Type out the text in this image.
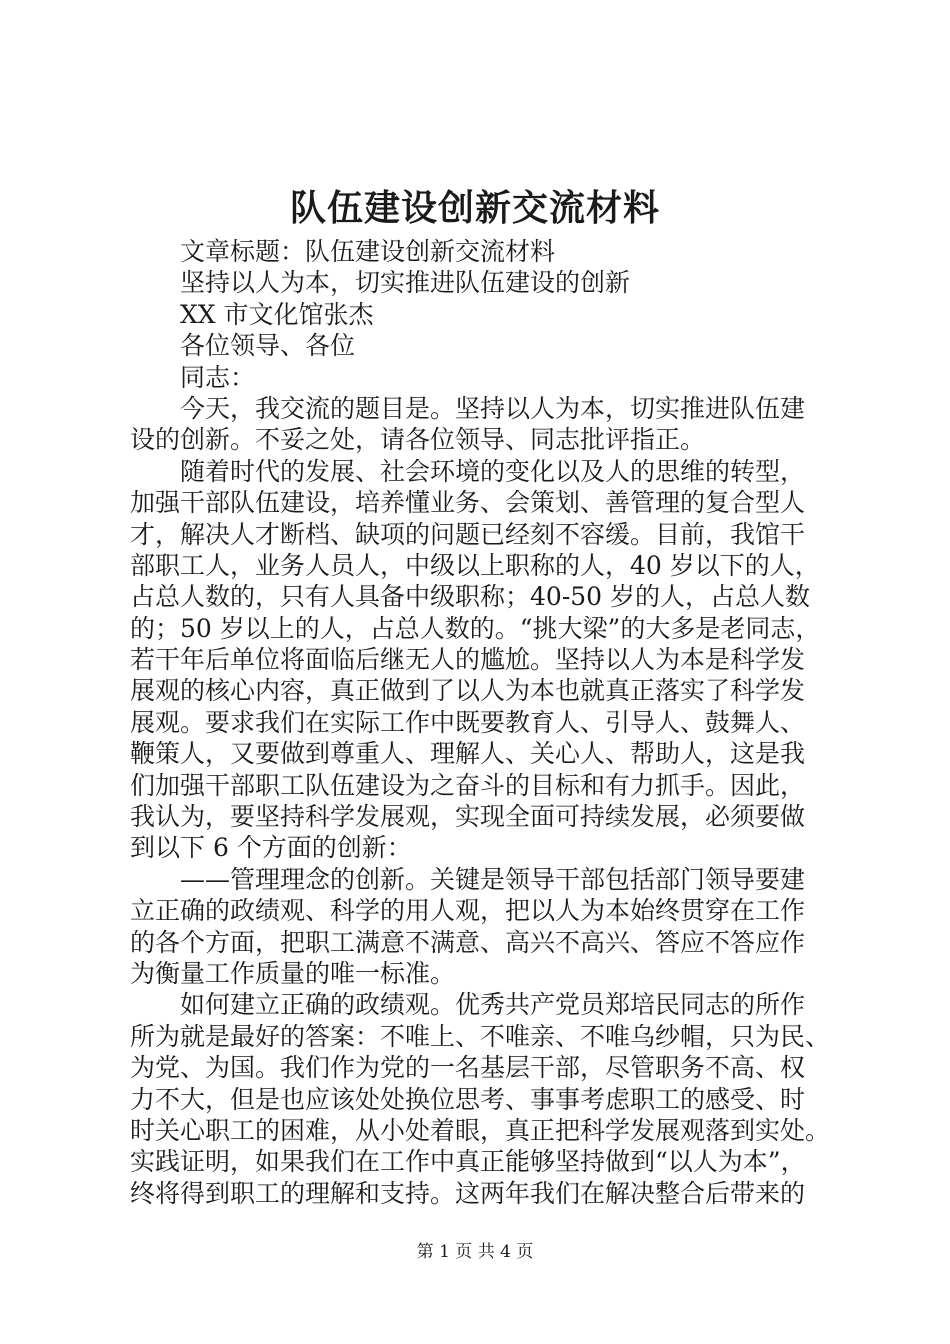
队伍建设创新交流材料
文章标题：队伍建设创新交流材料
坚持以人为本，切实推进队伍建设的创新
XX 市文化馆张杰
各位领导、各位
同志：
今天，我交流的题目是。坚持以人为本，切实推进队伍建
设的创新。不妥之处，请各位领导、同志批评指正。
随着时代的发展、社会环境的变化以及人的思维的转型，
加强干部队伍建设，培养懂业务、会策划、善管理的复合型人
才，解决人才断档、缺项的问题已经刻不容缓。目前，我馆干
部职工人，业务人员人，中级以上职称的人，40 岁以下的人，
占总人数的，只有人具备中级职称；40-50 岁的人，占总人数
的；50 岁以上的人，占总人数的。“挑大梁”的大多是老同志，
若干年后单位将面临后继无人的尴尬。坚持以人为本是科学发
展观的核心内容，真正做到了以人为本也就真正落实了科学发
展观。要求我们在实际工作中既要教育人、引导人、鼓舞人、
鞭策人，又要做到尊重人、理解人、关心人、帮助人，这是我
们加强干部职工队伍建设为之奋斗的目标和有力抓手。因此，
我认为，要坚持科学发展观，实现全面可持续发展，必须要做
到以下 6 个方面的创新：
——管理理念的创新。关键是领导干部包括部门领导要建
立正确的政绩观、科学的用人观，把以人为本始终贯穿在工作
的各个方面，把职工满意不满意、高兴不高兴、答应不答应作
为衡量工作质量的唯一标准。
如何建立正确的政绩观。优秀共产党员郑培民同志的所作
所为就是最好的答案：不唯上、不唯亲、不唯乌纱帽，只为民、
为党、为国。我们作为党的一名基层干部，尽管职务不高、权
力不大，但是也应该处处换位思考、事事考虑职工的感受、时
时关心职工的困难，从小处着眼，真正把科学发展观落到实处。
实践证明，如果我们在工作中真正能够坚持做到“以人为本”，
终将得到职工的理解和支持。这两年我们在解决整合后带来的
第 1 页 共 4 页
